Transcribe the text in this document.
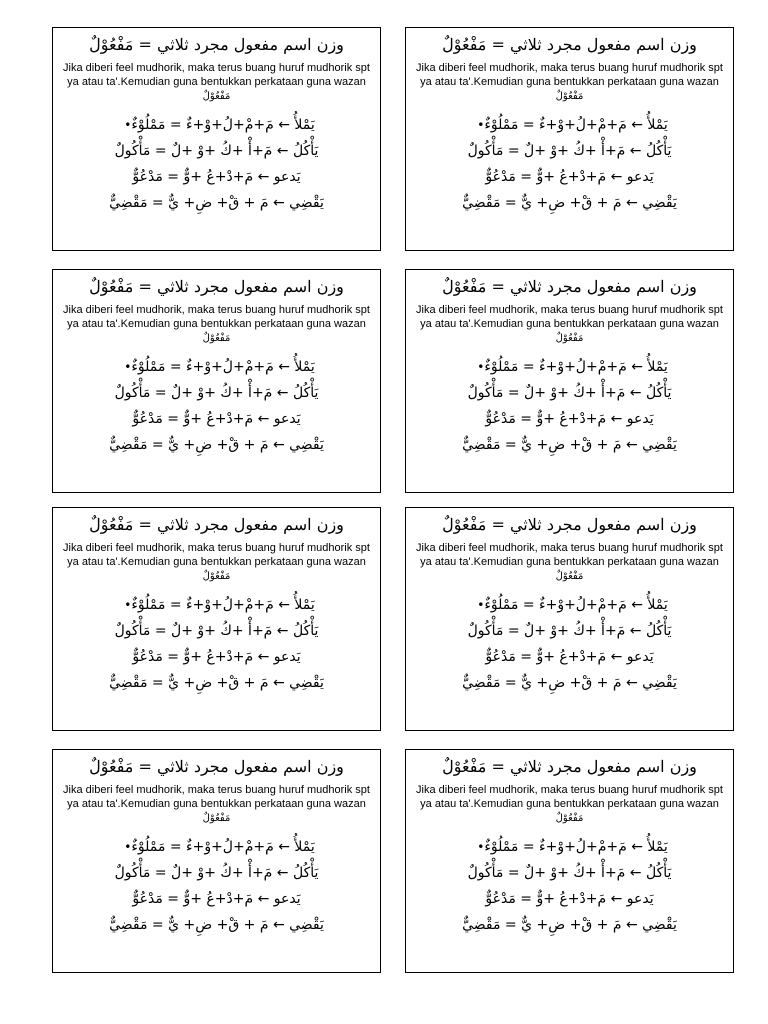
وزن اسم مفعول مجرد ثلاثي = مَفْعُوْلٌ
Jika diberi feel mudhorik, maka terus buang huruf mudhorik spt ya atau ta'.Kemudian guna bentukkan perkataan guna wazan مَفْعُوْلٌ
يَمْلأُ ← مَ+مْ+لُ+وْ+ءٌ = مَمْلُوْءٌ•
يَأْكُلُ ← مَ+أْ +كُ +وْ +لٌ = مَأْكُولٌ
يَدعو ← مَ+دْ+عُ +وٌّ = مَدْعُوٌّ
يَقْضِي ← مَ + قْ+ ضِ+ يٌّ = مَقْضِيٌّ
وزن اسم مفعول مجرد ثلاثي = مَفْعُوْلٌ
Jika diberi feel mudhorik, maka terus buang huruf mudhorik spt ya atau ta'.Kemudian guna bentukkan perkataan guna wazan مَفْعُوْلٌ
يَمْلأُ ← مَ+مْ+لُ+وْ+ءٌ = مَمْلُوْءٌ•
يَأْكُلُ ← مَ+أْ +كُ +وْ +لٌ = مَأْكُولٌ
يَدعو ← مَ+دْ+عُ +وٌّ = مَدْعُوٌّ
يَقْضِي ← مَ + قْ+ ضِ+ يٌّ = مَقْضِيٌّ
وزن اسم مفعول مجرد ثلاثي = مَفْعُوْلٌ
Jika diberi feel mudhorik, maka terus buang huruf mudhorik spt ya atau ta'.Kemudian guna bentukkan perkataan guna wazan مَفْعُوْلٌ
يَمْلأُ ← مَ+مْ+لُ+وْ+ءٌ = مَمْلُوْءٌ•
يَأْكُلُ ← مَ+أْ +كُ +وْ +لٌ = مَأْكُولٌ
يَدعو ← مَ+دْ+عُ +وٌّ = مَدْعُوٌّ
يَقْضِي ← مَ + قْ+ ضِ+ يٌّ = مَقْضِيٌّ
وزن اسم مفعول مجرد ثلاثي = مَفْعُوْلٌ
Jika diberi feel mudhorik, maka terus buang huruf mudhorik spt ya atau ta'.Kemudian guna bentukkan perkataan guna wazan مَفْعُوْلٌ
يَمْلأُ ← مَ+مْ+لُ+وْ+ءٌ = مَمْلُوْءٌ•
يَأْكُلُ ← مَ+أْ +كُ +وْ +لٌ = مَأْكُولٌ
يَدعو ← مَ+دْ+عُ +وٌّ = مَدْعُوٌّ
يَقْضِي ← مَ + قْ+ ضِ+ يٌّ = مَقْضِيٌّ
وزن اسم مفعول مجرد ثلاثي = مَفْعُوْلٌ
Jika diberi feel mudhorik, maka terus buang huruf mudhorik spt ya atau ta'.Kemudian guna bentukkan perkataan guna wazan مَفْعُوْلٌ
يَمْلأُ ← مَ+مْ+لُ+وْ+ءٌ = مَمْلُوْءٌ•
يَأْكُلُ ← مَ+أْ +كُ +وْ +لٌ = مَأْكُولٌ
يَدعو ← مَ+دْ+عُ +وٌّ = مَدْعُوٌّ
يَقْضِي ← مَ + قْ+ ضِ+ يٌّ = مَقْضِيٌّ
وزن اسم مفعول مجرد ثلاثي = مَفْعُوْلٌ
Jika diberi feel mudhorik, maka terus buang huruf mudhorik spt ya atau ta'.Kemudian guna bentukkan perkataan guna wazan مَفْعُوْلٌ
يَمْلأُ ← مَ+مْ+لُ+وْ+ءٌ = مَمْلُوْءٌ•
يَأْكُلُ ← مَ+أْ +كُ +وْ +لٌ = مَأْكُولٌ
يَدعو ← مَ+دْ+عُ +وٌّ = مَدْعُوٌّ
يَقْضِي ← مَ + قْ+ ضِ+ يٌّ = مَقْضِيٌّ
وزن اسم مفعول مجرد ثلاثي = مَفْعُوْلٌ
Jika diberi feel mudhorik, maka terus buang huruf mudhorik spt ya atau ta'.Kemudian guna bentukkan perkataan guna wazan مَفْعُوْلٌ
يَمْلأُ ← مَ+مْ+لُ+وْ+ءٌ = مَمْلُوْءٌ•
يَأْكُلُ ← مَ+أْ +كُ +وْ +لٌ = مَأْكُولٌ
يَدعو ← مَ+دْ+عُ +وٌّ = مَدْعُوٌّ
يَقْضِي ← مَ + قْ+ ضِ+ يٌّ = مَقْضِيٌّ
وزن اسم مفعول مجرد ثلاثي = مَفْعُوْلٌ
Jika diberi feel mudhorik, maka terus buang huruf mudhorik spt ya atau ta'.Kemudian guna bentukkan perkataan guna wazan مَفْعُوْلٌ
يَمْلأُ ← مَ+مْ+لُ+وْ+ءٌ = مَمْلُوْءٌ•
يَأْكُلُ ← مَ+أْ +كُ +وْ +لٌ = مَأْكُولٌ
يَدعو ← مَ+دْ+عُ +وٌّ = مَدْعُوٌّ
يَقْضِي ← مَ + قْ+ ضِ+ يٌّ = مَقْضِيٌّ
